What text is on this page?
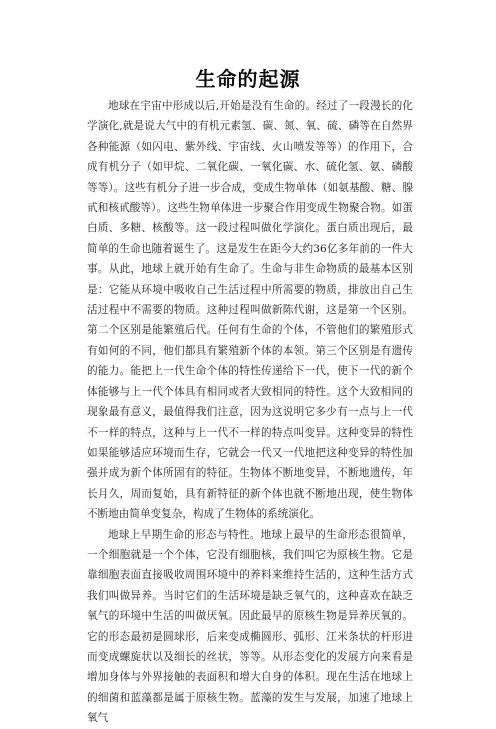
生命的起源

地球在宇宙中形成以后,开始是没有生命的。经过了一段漫长的化学演化,就是说大气中的有机元素氢、碳、氮、氧、硫、磷等在自然界各种能源（如闪电、紫外线、宇宙线、火山喷发等等）的作用下，合成有机分子（如甲烷、二氧化碳、一氧化碳、水、硫化氢、氨、磷酸等等）。这些有机分子进一步合成，变成生物单体（如氨基酸、糖、腺甙和核甙酸等）。这些生物单体进一步聚合作用变成生物聚合物。如蛋白质、多糖、核酸等。这一段过程叫做化学演化。蛋白质出现后，最简单的生命也随着诞生了。这是发生在距今大约36亿多年前的一件大事。从此，地球上就开始有生命了。生命与非生命物质的最基本区别是：它能从环境中吸收自己生活过程中所需要的物质，排放出自己生活过程中不需要的物质。这种过程叫做新陈代谢，这是第一个区别。第二个区别是能繁殖后代。任何有生命的个体，不管他们的繁殖形式有如何的不同，他们都具有繁殖新个体的本领。第三个区别是有遗传的能力。能把上一代生命个体的特性传递给下一代，使下一代的新个体能够与上一代个体具有相同或者大致相同的特性。这个大致相同的现象最有意义，最值得我们注意，因为这说明它多少有一点与上一代不一样的特点，这种与上一代不一样的特点叫变异。这种变异的特性如果能够适应环境而生存，它就会一代又一代地把这种变异的特性加强并成为新个体所固有的特征。生物体不断地变异，不断地遗传，年长月久，周而复始，具有新特征的新个体也就不断地出现，使生物体不断地由简单变复杂，构成了生物体的系统演化。

地球上早期生命的形态与特性。地球上最早的生命形态很简单，一个细胞就是一个个体，它没有细胞核，我们叫它为原核生物。它是靠细胞表面直接吸收周围环境中的养料来维持生活的，这种生活方式我们叫做异养。当时它们的生活环境是缺乏氧气的，这种喜欢在缺乏氧气的环境中生活的叫做厌氧。因此最早的原核生物是异养厌氧的。它的形态最初是圆球形，后来变成椭圆形、弧形、江米条状的杆形进而变成螺旋状以及细长的丝状，等等。从形态变化的发展方向来看是增加身体与外界接触的表面积和增大自身的体积。现在生活在地球上的细菌和蓝藻都是属于原核生物。蓝藻的发生与发展，加速了地球上氧气
